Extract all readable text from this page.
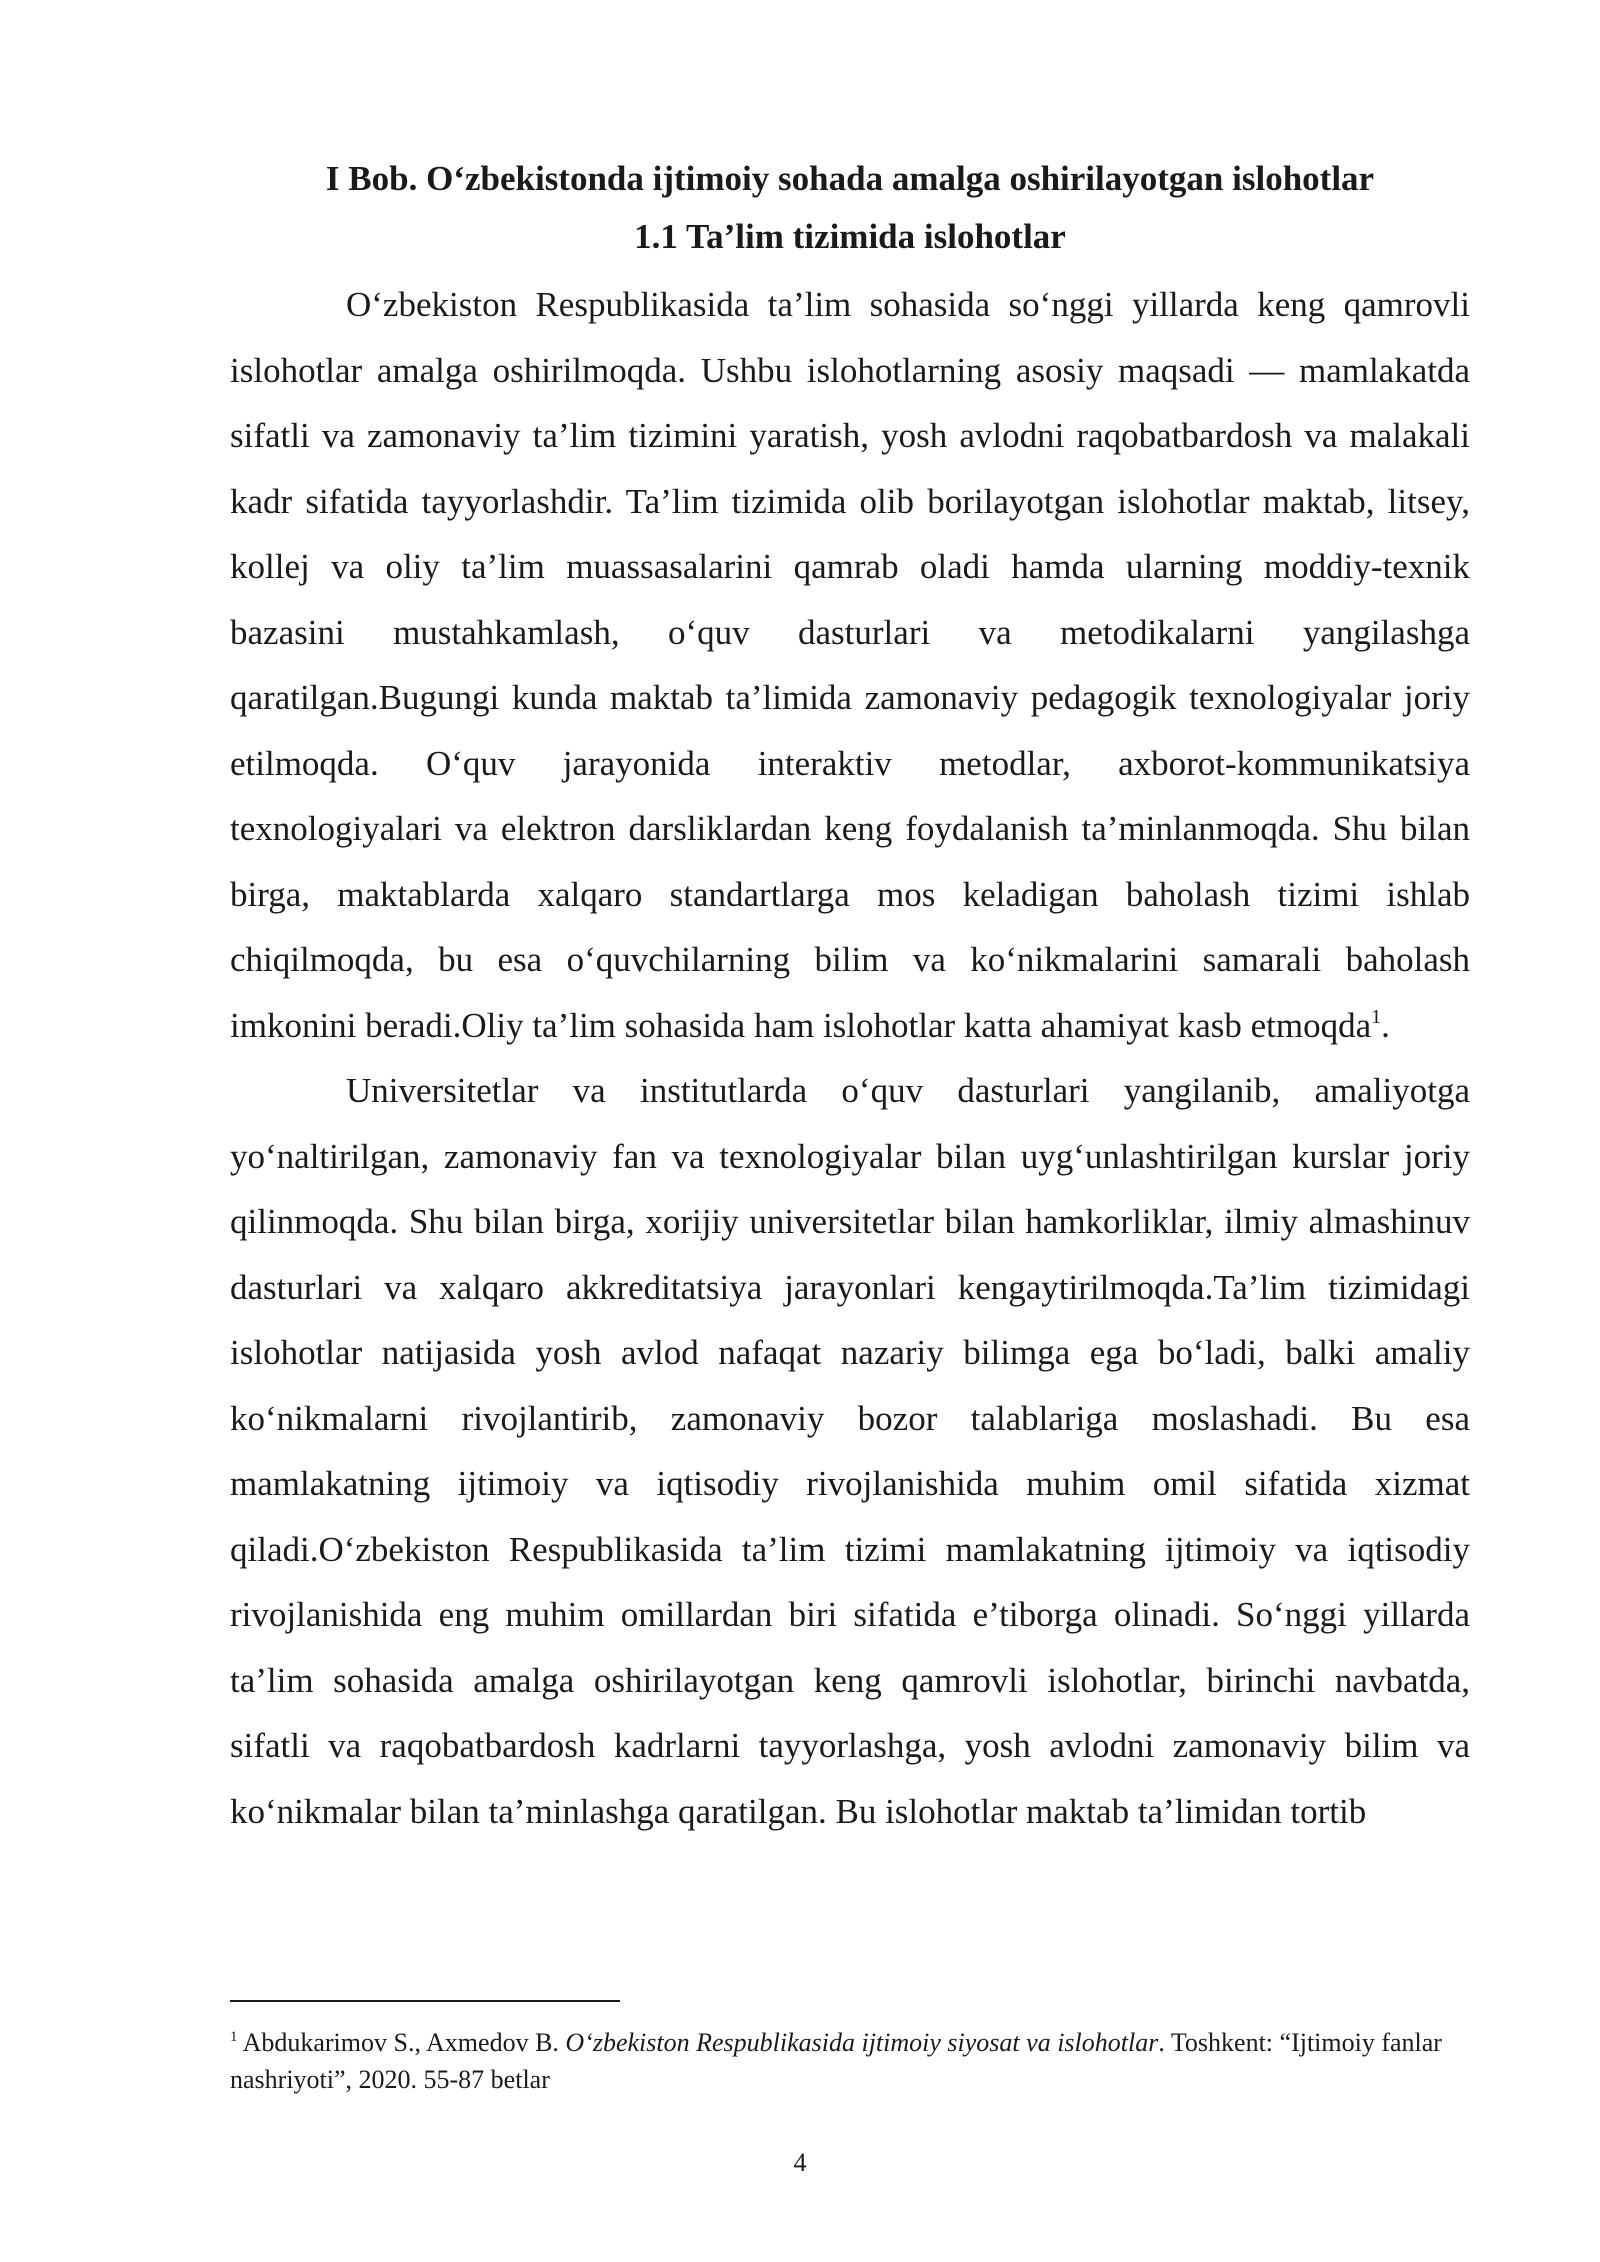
I Bob. O‘zbekistonda ijtimoiy sohada amalga oshirilayotgan islohotlar
1.1 Ta’lim tizimida islohotlar

O‘zbekiston Respublikasida ta’lim sohasida so‘nggi yillarda keng qamrovli islohotlar amalga oshirilmoqda. Ushbu islohotlarning asosiy maqsadi — mamlakatda sifatli va zamonaviy ta’lim tizimini yaratish, yosh avlodni raqobatbardosh va malakali kadr sifatida tayyorlashdir. Ta’lim tizimida olib borilayotgan islohotlar maktab, litsey, kollej va oliy ta’lim muassasalarini qamrab oladi hamda ularning moddiy-texnik bazasini mustahkamlash, o‘quv dasturlari va metodikalarni yangilashga qaratilgan.Bugungi kunda maktab ta’limida zamonaviy pedagogik texnologiyalar joriy etilmoqda. O‘quv jarayonida interaktiv metodlar, axborot-kommunikatsiya texnologiyalari va elektron darsliklardan keng foydalanish ta’minlanmoqda. Shu bilan birga, maktablarda xalqaro standartlarga mos keladigan baholash tizimi ishlab chiqilmoqda, bu esa o‘quvchilarning bilim va ko‘nikmalarini samarali baholash imkonini beradi.Oliy ta’lim sohasida ham islohotlar katta ahamiyat kasb etmoqda$^1$.

Universitetlar va institutlarda o‘quv dasturlari yangilanib, amaliyotga yo‘naltirilgan, zamonaviy fan va texnologiyalar bilan uyg‘unlashtirilgan kurslar joriy qilinmoqda. Shu bilan birga, xorijiy universitetlar bilan hamkorliklar, ilmiy almashinuv dasturlari va xalqaro akkreditatsiya jarayonlari kengaytirilmoqda.Ta’lim tizimidagi islohotlar natijasida yosh avlod nafaqat nazariy bilimga ega bo‘ladi, balki amaliy ko‘nikmalarni rivojlantirib, zamonaviy bozor talablariga moslashadi. Bu esa mamlakatning ijtimoiy va iqtisodiy rivojlanishida muhim omil sifatida xizmat qiladi.O‘zbekiston Respublikasida ta’lim tizimi mamlakatning ijtimoiy va iqtisodiy rivojlanishida eng muhim omillardan biri sifatida e’tiborga olinadi. So‘nggi yillarda ta’lim sohasida amalga oshirilayotgan keng qamrovli islohotlar, birinchi navbatda, sifatli va raqobatbardosh kadrlarni tayyorlashga, yosh avlodni zamonaviy bilim va ko‘nikmalar bilan ta’minlashga qaratilgan. Bu islohotlar maktab ta’limidan tortib

$^1$ Abdukarimov S., Axmedov B. O‘zbekiston Respublikasida ijtimoiy siyosat va islohotlar. Toshkent: “Ijtimoiy fanlar nashriyoti”, 2020. 55-87 betlar

4
